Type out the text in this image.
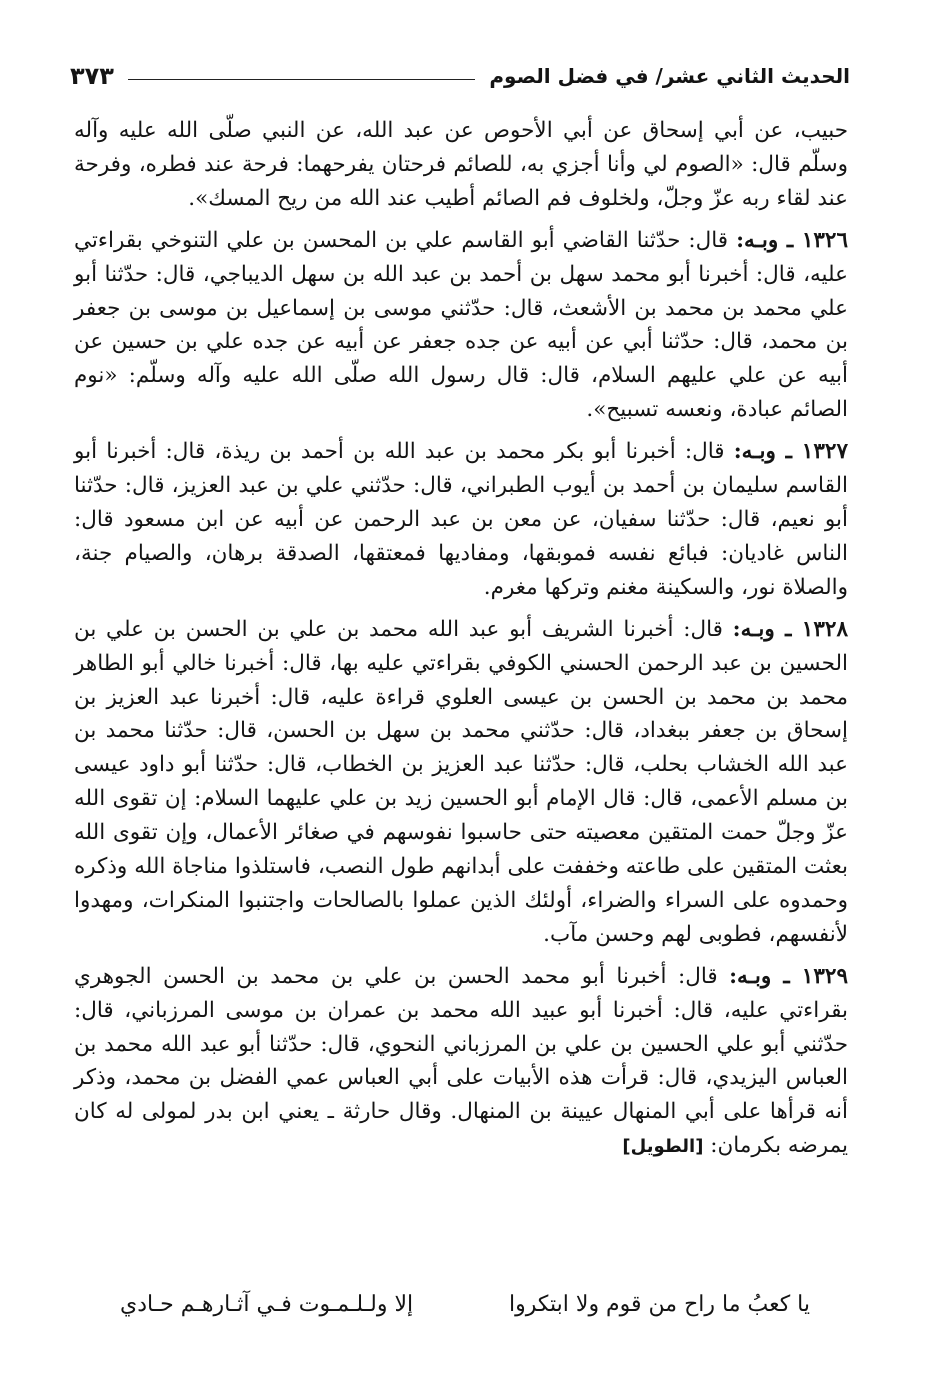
الحديث الثاني عشر/ في فضل الصوم
٣٧٣

حبيب، عن أبي إسحاق عن أبي الأحوص عن عبد الله، عن النبي صلّى الله عليه وآله وسلّم قال: «الصوم لي وأنا أجزي به، للصائم فرحتان يفرحهما: فرحة عند فطره، وفرحة عند لقاء ربه عزّ وجلّ، ولخلوف فم الصائم أطيب عند الله من ريح المسك».

١٣٢٦ ـ وبـه: قال: حدّثنا القاضي أبو القاسم علي بن المحسن بن علي التنوخي بقراءتي عليه، قال: أخبرنا أبو محمد سهل بن أحمد بن عبد الله بن سهل الديباجي، قال: حدّثنا أبو علي محمد بن محمد بن الأشعث، قال: حدّثني موسى بن إسماعيل بن موسى بن جعفر بن محمد، قال: حدّثنا أبي عن أبيه عن جده جعفر عن أبيه عن جده علي بن حسين عن أبيه عن علي عليهم السلام، قال: قال رسول الله صلّى الله عليه وآله وسلّم: «نوم الصائم عبادة، ونعسه تسبيح».

١٣٢٧ ـ وبـه: قال: أخبرنا أبو بكر محمد بن عبد الله بن أحمد بن ريذة، قال: أخبرنا أبو القاسم سليمان بن أحمد بن أيوب الطبراني، قال: حدّثني علي بن عبد العزيز، قال: حدّثنا أبو نعيم، قال: حدّثنا سفيان، عن معن بن عبد الرحمن عن أبيه عن ابن مسعود قال: الناس غاديان: فبائع نفسه فموبقها، ومفاديها فمعتقها، الصدقة برهان، والصيام جنة، والصلاة نور، والسكينة مغنم وتركها مغرم.

١٣٢٨ ـ وبـه: قال: أخبرنا الشريف أبو عبد الله محمد بن علي بن الحسن بن علي بن الحسين بن عبد الرحمن الحسني الكوفي بقراءتي عليه بها، قال: أخبرنا خالي أبو الطاهر محمد بن محمد بن الحسن بن عيسى العلوي قراءة عليه، قال: أخبرنا عبد العزيز بن إسحاق بن جعفر ببغداد، قال: حدّثني محمد بن سهل بن الحسن، قال: حدّثنا محمد بن عبد الله الخشاب بحلب، قال: حدّثنا عبد العزيز بن الخطاب، قال: حدّثنا أبو داود عيسى بن مسلم الأعمى، قال: قال الإمام أبو الحسين زيد بن علي عليهما السلام: إن تقوى الله عزّ وجلّ حمت المتقين معصيته حتى حاسبوا نفوسهم في صغائر الأعمال، وإن تقوى الله بعثت المتقين على طاعته وخففت على أبدانهم طول النصب، فاستلذوا مناجاة الله وذكره وحمدوه على السراء والضراء، أولئك الذين عملوا بالصالحات واجتنبوا المنكرات، ومهدوا لأنفسهم، فطوبى لهم وحسن مآب.

١٣٢٩ ـ وبـه: قال: أخبرنا أبو محمد الحسن بن علي بن محمد بن الحسن الجوهري بقراءتي عليه، قال: أخبرنا أبو عبيد الله محمد بن عمران بن موسى المرزباني، قال: حدّثني أبو علي الحسين بن علي بن المرزباني النحوي، قال: حدّثنا أبو عبد الله محمد بن العباس اليزيدي، قال: قرأت هذه الأبيات على أبي العباس عمي الفضل بن محمد، وذكر أنه قرأها على أبي المنهال عيينة بن المنهال. وقال حارثة ـ يعني ابن بدر لمولى له كان يمرضه بكرمان: [الطويل]

يا كعبُ ما راح من قوم ولا ابتكروا
إلا ولـلـمـوت فـي آثـارهـم حـادي
